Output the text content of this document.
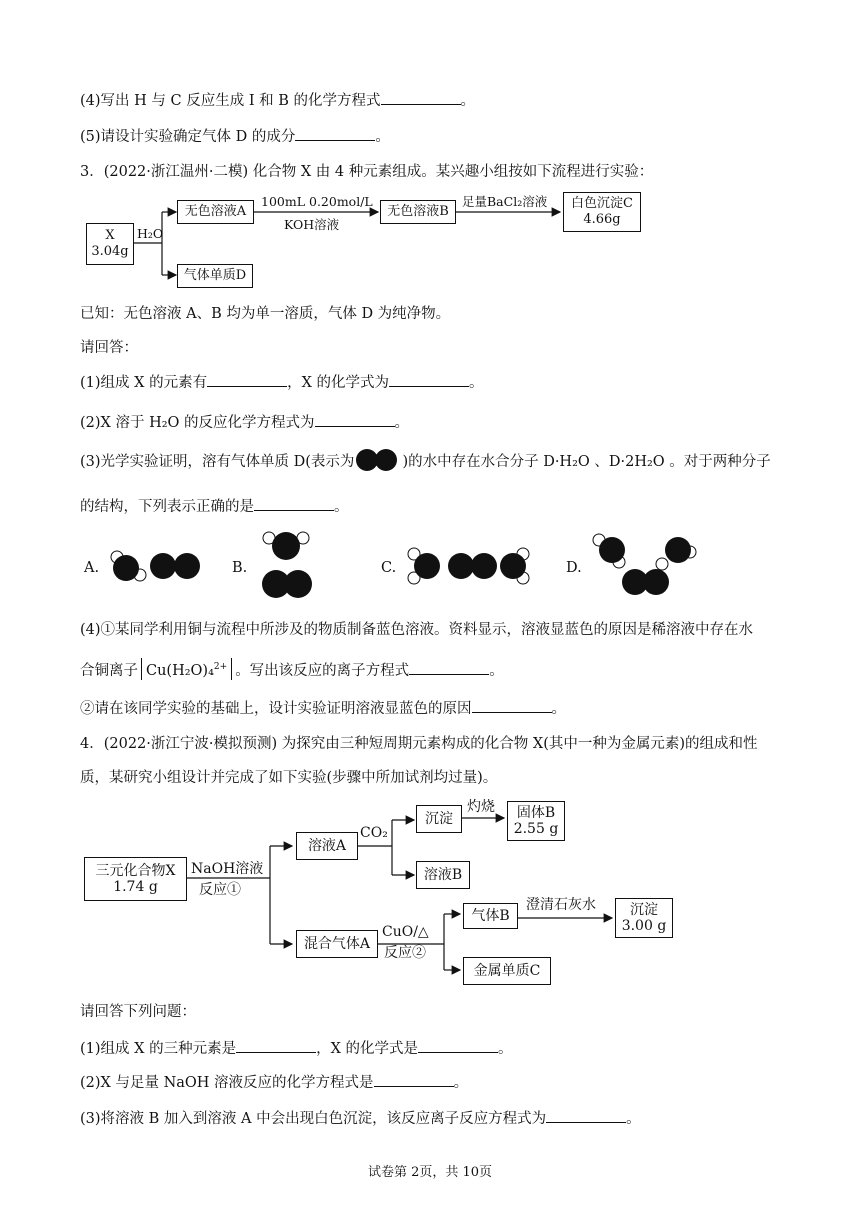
(4)写出 H 与 C 反应生成 I 和 B 的化学方程式	。
(5)请设计实验确定气体 D 的成分	。
3．(2022·浙江温州·二模) 化合物 X 由 4 种元素组成。某兴趣小组按如下流程进行实验：
X
3.04g
H₂O
无色溶液A
100mL 0.20mol/L
KOH溶液
无色溶液B
足量BaCl₂溶液 白色沉淀C
4.66g
气体单质D
已知：无色溶液 A、B 均为单一溶质，气体 D 为纯净物。
请回答：
(1)组成 X 的元素有	，X 的化学式为	。
(2)X 溶于 H₂O 的反应化学方程式为	。
(3)光学实验证明，溶有气体单质 D(表示为	)的水中存在水合分子 D·H₂O 、D·2H₂O 。对于两种分子
的结构，下列表示正确的是	。
A.	B.	C.	D.
(4)①某同学利用铜与流程中所涉及的物质制备蓝色溶液。资料显示，溶液显蓝色的原因是稀溶液中存在水
合铜离子 Cu(H₂O)₄$^{2+}$ 。写出该反应的离子方程式	。
②请在该同学实验的基础上，设计实验证明溶液显蓝色的原因	。
4．(2022·浙江宁波·模拟预测) 为探究由三种短周期元素构成的化合物 X(其中一种为金属元素)的组成和性
质，某研究小组设计并完成了如下实验(步骤中所加试剂均过量)。
三元化合物X
1.74 g
NaOH溶液
反应①
溶液A
CO₂
沉淀
灼烧 固体B
2.55 g
溶液B
混合气体A
CuO/△
反应②
气体B
澄清石灰水 沉淀
3.00 g
金属单质C
请回答下列问题：
(1)组成 X 的三种元素是	，X 的化学式是	。
(2)X 与足量 NaOH 溶液反应的化学方程式是	。
(3)将溶液 B 加入到溶液 A 中会出现白色沉淀，该反应离子反应方程式为	。
试卷第 2页，共 10页
